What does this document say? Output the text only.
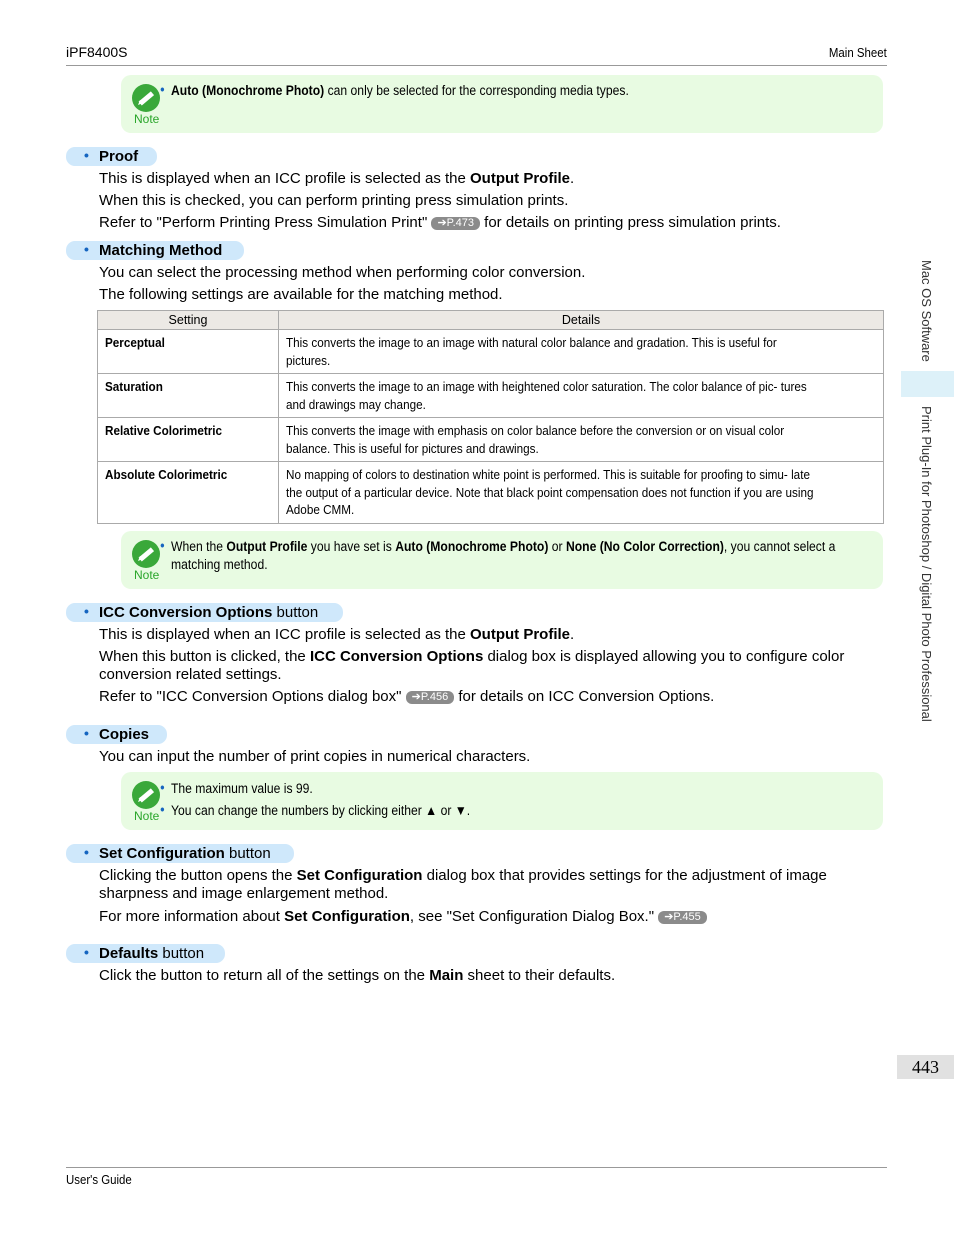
iPF8400S	Main Sheet
Note
• Auto (Monochrome Photo) can only be selected for the corresponding media types.
• Proof
This is displayed when an ICC profile is selected as the Output Profile.
When this is checked, you can perform printing press simulation prints.
Refer to "Perform Printing Press Simulation Print" ➔P.473 for details on printing press simulation prints.
• Matching Method
You can select the processing method when performing color conversion.
The following settings are available for the matching method.
Setting	Details
Perceptual	This converts the image to an image with natural color balance and gradation. This is useful for pictures.
Saturation	This converts the image to an image with heightened color saturation. The color balance of pic- tures and drawings may change.
Relative Colorimetric	This converts the image with emphasis on color balance before the conversion or on visual color balance. This is useful for pictures and drawings.
Absolute Colorimetric	No mapping of colors to destination white point is performed. This is suitable for proofing to simu- late the output of a particular device. Note that black point compensation does not function if you are using Adobe CMM.
Note
• When the Output Profile you have set is Auto (Monochrome Photo) or None (No Color Correction), you cannot select a matching method.
• ICC Conversion Options button
This is displayed when an ICC profile is selected as the Output Profile.
When this button is clicked, the ICC Conversion Options dialog box is displayed allowing you to configure color conversion related settings.
Refer to "ICC Conversion Options dialog box" ➔P.456 for details on ICC Conversion Options.
• Copies
You can input the number of print copies in numerical characters.
Note
• The maximum value is 99.
• You can change the numbers by clicking either ▲ or ▼.
• Set Configuration button
Clicking the button opens the Set Configuration dialog box that provides settings for the adjustment of image sharpness and image enlargement method.
For more information about Set Configuration, see "Set Configuration Dialog Box." ➔P.455
• Defaults button
Click the button to return all of the settings on the Main sheet to their defaults.
Mac OS Software
Print Plug-In for Photoshop / Digital Photo Professional
443
User's Guide
